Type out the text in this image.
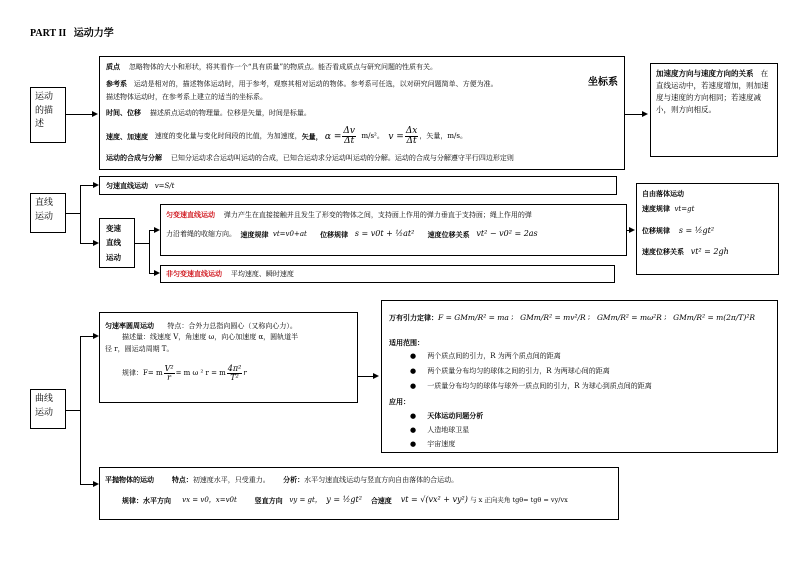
PART II 运动力学
运动的描述
质点 忽略物体的大小和形状，将其看作一个“具有质量”的物质点。能否看成质点与研究问题的性质有关。
参考系 运动是相对的，描述物体运动时，用于参考，观察其相对运动的物体。参考系可任选，以对研究问题简单、方便为准。	坐标系
描述物体运动时，在参考系上建立的适当的坐标系。
时间、位移 描述质点运动的物理量。位移是矢量，时间是标量。
速度、加速度
速度的变化量与变化时间段的比值，为加速度， 矢量，
$\alpha = \frac{\Delta v}{\Delta t}$
m/s²。
$v = \frac{\Delta x}{\Delta t}$ ，矢量，m/s。
运动的合成与分解 已知分运动求合运动叫运动的合成，已知合运动求分运动叫运动的分解。运动的合成与分解遵守平行四边形定则
加速度方向与速度方向的关系 在直线运动中，若速度增加，则加速度与速度的方向相同；若速度减小，则方向相反。
直线运动
匀速直线运动 v=S/t
变速直线运动
匀变速直线运动 弹力产生在直接接触并且发生了形变的物体之间，支持面上作用的弹力垂直于支持面；绳上作用的弹
力沿着绳的收缩方向。
速度规律
vt=v0+at
位移规律
s = v0t + ½at²
速度位移关系
vt² − v0² = 2as
非匀变速直线运动 平均速度、瞬时速度
自由落体运动
速度规律 vt=gt
位移规律 s = ½gt²
速度位移关系 vt² = 2gh
曲线运动
匀速率圆周运动 特点：合外力总指向圆心（又称向心力）。
描述量：线速度 V，角速度 ω，向心加速度 α，圆轨道半
径 r，圆运动周期 T。
规律：F= m $\frac{\text{V²}}{r} = m$ ω ² r = m $\frac{\text{4π²}}{\text{T²}}$ r
万有引力定律： F = GMm/R² = ma ; GMm/R² = mv²/R ; GMm/R² = mω²R ; GMm/R² = m(2π/T)²R
适用范围：
● 两个质点间的引力，R 为两个质点间的距离
● 两个质量分布均匀的球体之间的引力，R 为两球心间的距离
● 一质量分布均匀的球体与球外一质点间的引力，R 为球心到质点间的距离
应用：
● 天体运动问题分析
● 人造地球卫星
● 宇宙速度
平抛物体的运动	特点：初速度水平，只受重力。 分析：水平匀速直线运动与竖直方向自由落体的合运动。
规律： 水平方向
vx = v0，x=v0t
	竖直方向
vy = gt，
y = ½gt²
合速度
vt = √(vx² + vy²)
与 x 正向夹角 tgθ= tgθ = vy/vx
